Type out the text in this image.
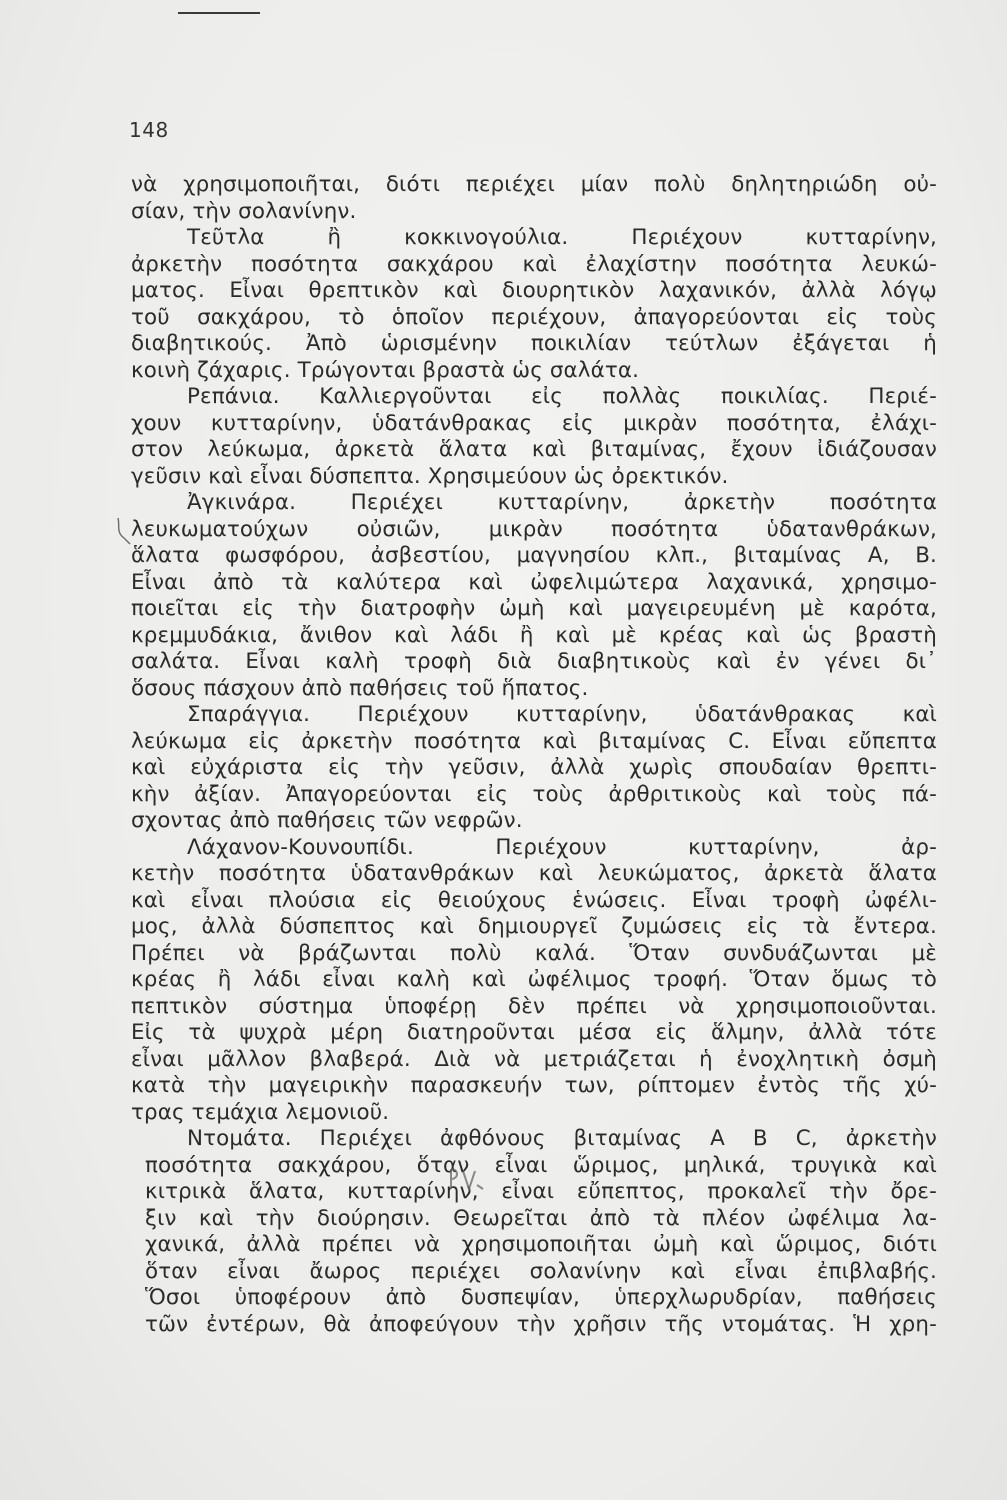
148
νὰ χρησιμοποιῆται, διότι περιέχει μίαν πολὺ δηλητηριώδη οὐ-
σίαν, τὴν σολανίνην.
Τεῦτλα ἢ κοκκινογούλια. Περιέχουν κυτταρίνην,
ἀρκετὴν ποσότητα σακχάρου καὶ ἐλαχίστην ποσότητα λευκώ-
ματος. Εἶναι θρεπτικὸν καὶ διουρητικὸν λαχανικόν, ἀλλὰ λόγῳ
τοῦ σακχάρου, τὸ ὁποῖον περιέχουν, ἀπαγορεύονται εἰς τοὺς
διαβητικούς. Ἀπὸ ὡρισμένην ποικιλίαν τεύτλων ἐξάγεται ἡ
κοινὴ ζάχαρις. Τρώγονται βραστὰ ὡς σαλάτα.
Ρεπάνια. Καλλιεργοῦνται εἰς πολλὰς ποικιλίας. Περιέ-
χουν κυτταρίνην, ὑδατάνθρακας εἰς μικρὰν ποσότητα, ἐλάχι-
στον λεύκωμα, ἀρκετὰ ἅλατα καὶ βιταμίνας, ἔχουν ἰδιάζουσαν
γεῦσιν καὶ εἶναι δύσπεπτα. Χρησιμεύουν ὡς ὀρεκτικόν.
Ἀγκινάρα. Περιέχει κυτταρίνην, ἀρκετὴν ποσότητα
λευκωματούχων οὐσιῶν, μικρὰν ποσότητα ὑδατανθράκων,
ἅλατα φωσφόρου, ἀσβεστίου, μαγνησίου κλπ., βιταμίνας Α, Β.
Εἶναι ἀπὸ τὰ καλύτερα καὶ ὠφελιμώτερα λαχανικά, χρησιμο-
ποιεῖται εἰς τὴν διατροφὴν ὠμὴ καὶ μαγειρευμένη μὲ καρότα,
κρεμμυδάκια, ἄνιθον καὶ λάδι ἢ καὶ μὲ κρέας καὶ ὡς βραστὴ
σαλάτα. Εἶναι καλὴ τροφὴ διὰ διαβητικοὺς καὶ ἐν γένει δι᾽
ὅσους πάσχουν ἀπὸ παθήσεις τοῦ ἥπατος.
Σπαράγγια. Περιέχουν κυτταρίνην, ὑδατάνθρακας καὶ
λεύκωμα εἰς ἀρκετὴν ποσότητα καὶ βιταμίνας C. Εἶναι εὔπεπτα
καὶ εὐχάριστα εἰς τὴν γεῦσιν, ἀλλὰ χωρὶς σπουδαίαν θρεπτι-
κὴν ἀξίαν. Ἀπαγορεύονται εἰς τοὺς ἀρθριτικοὺς καὶ τοὺς πά-
σχοντας ἀπὸ παθήσεις τῶν νεφρῶν.
Λάχανον-Κουνουπίδι. Περιέχουν κυτταρίνην, ἀρ-
κετὴν ποσότητα ὑδατανθράκων καὶ λευκώματος, ἀρκετὰ ἅλατα
καὶ εἶναι πλούσια εἰς θειούχους ἑνώσεις. Εἶναι τροφὴ ὠφέλι-
μος, ἀλλὰ δύσπεπτος καὶ δημιουργεῖ ζυμώσεις εἰς τὰ ἔντερα.
Πρέπει νὰ βράζωνται πολὺ καλά. Ὅταν συνδυάζωνται μὲ
κρέας ἢ λάδι εἶναι καλὴ καὶ ὠφέλιμος τροφή. Ὅταν ὅμως τὸ
πεπτικὸν σύστημα ὑποφέρῃ δὲν πρέπει νὰ χρησιμοποιοῦνται.
Εἰς τὰ ψυχρὰ μέρη διατηροῦνται μέσα εἰς ἅλμην, ἀλλὰ τότε
εἶναι μᾶλλον βλαβερά. Διὰ νὰ μετριάζεται ἡ ἐνοχλητικὴ ὀσμὴ
κατὰ τὴν μαγειρικὴν παρασκευήν των, ρίπτομεν ἐντὸς τῆς χύ-
τρας τεμάχια λεμονιοῦ.
Ντομάτα. Περιέχει ἀφθόνους βιταμίνας Α Β C, ἀρκετὴν
ποσότητα σακχάρου, ὅταν εἶναι ὥριμος, μηλικά, τρυγικὰ καὶ
κιτρικὰ ἅλατα, κυτταρίνην, εἶναι εὔπεπτος, προκαλεῖ τὴν ὄρε-
ξιν καὶ τὴν διούρησιν. Θεωρεῖται ἀπὸ τὰ πλέον ὠφέλιμα λα-
χανικά, ἀλλὰ πρέπει νὰ χρησιμοποιῆται ὠμὴ καὶ ὥριμος, διότι
ὅταν εἶναι ἄωρος περιέχει σολανίνην καὶ εἶναι ἐπιβλαβής.
Ὅσοι ὑποφέρουν ἀπὸ δυσπεψίαν, ὑπερχλωρυδρίαν, παθήσεις
τῶν ἐντέρων, θὰ ἀποφεύγουν τὴν χρῆσιν τῆς ντομάτας. Ἡ χρη-
